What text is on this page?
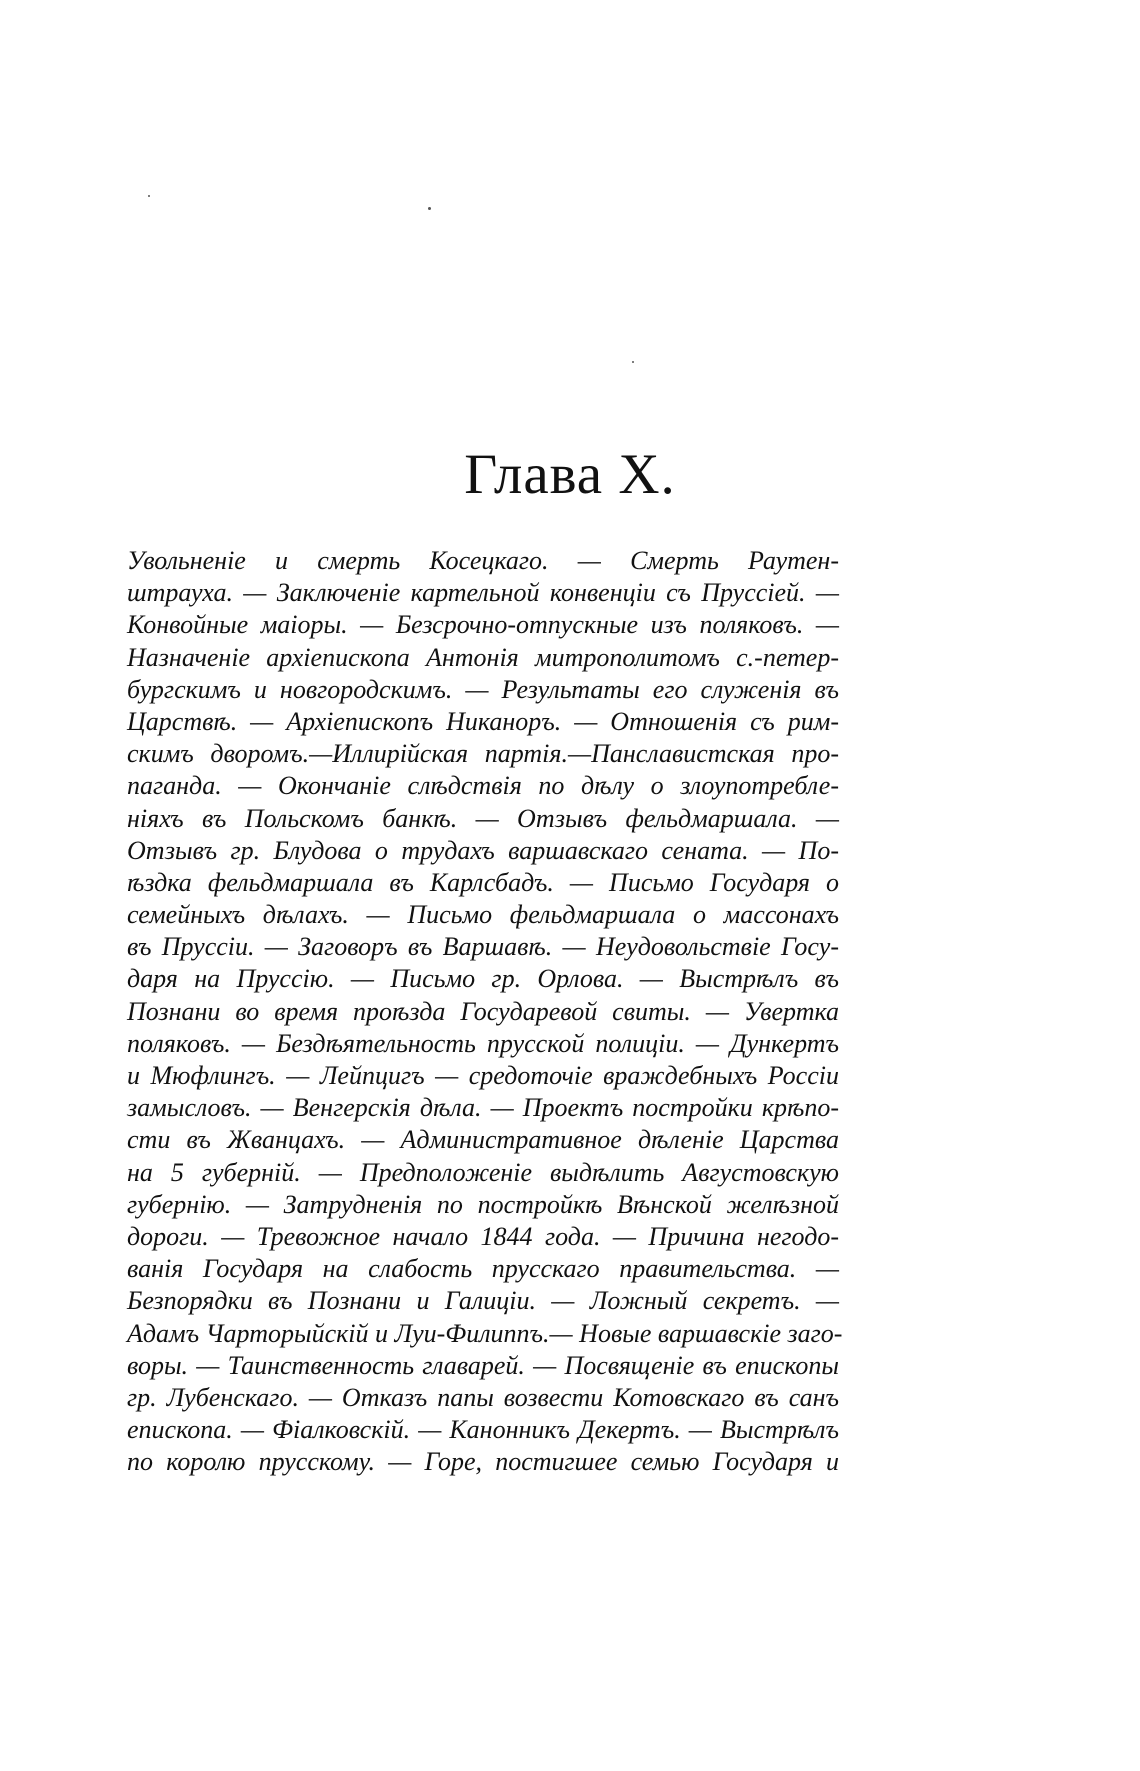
Глава X.
Увольненіе и смерть Косецкаго. — Смерть Раутен-
штрауха. — Заключеніе картельной конвенціи съ Пруссіей. —
Конвойные маіоры. — Безсрочно-отпускные изъ поляковъ. —
Назначеніе архіепископа Антонія митрополитомъ с.-петер-
бургскимъ и новгородскимъ. — Результаты его служенія въ
Царствѣ. — Архіепископъ Никаноръ. — Отношенія съ рим-
скимъ дворомъ.—Иллирійская партія.—Панславистская про-
паганда. — Окончаніе слѣдствія по дѣлу о злоупотребле-
ніяхъ въ Польскомъ банкѣ. — Отзывъ фельдмаршала. —
Отзывъ гр. Блудова о трудахъ варшавскаго сената. — По-
ѣздка фельдмаршала въ Карлсбадъ. — Письмо Государя о
семейныхъ дѣлахъ. — Письмо фельдмаршала о массонахъ
въ Пруссіи. — Заговоръ въ Варшавѣ. — Неудовольствіе Госу-
даря на Пруссію. — Письмо гр. Орлова. — Выстрѣлъ въ
Познани во время проѣзда Государевой свиты. — Увертка
поляковъ. — Бездѣятельность прусской полиціи. — Дункертъ
и Мюфлингъ. — Лейпцигъ — средоточіе враждебныхъ Россіи
замысловъ. — Венгерскія дѣла. — Проектъ постройки крѣпо-
сти въ Жванцахъ. — Административное дѣленіе Царства
на 5 губерній. — Предположеніе выдѣлить Августовскую
губернію. — Затрудненія по постройкѣ Вѣнской желѣзной
дороги. — Тревожное начало 1844 года. — Причина негодо-
ванія Государя на слабость прусскаго правительства. —
Безпорядки въ Познани и Галиціи. — Ложный секретъ. —
Адамъ Чарторыйскій и Луи-Филиппъ.— Новые варшавскіе заго-
воры. — Таинственность главарей. — Посвященіе въ епископы
гр. Лубенскаго. — Отказъ папы возвести Котовскаго въ санъ
епископа. — Фіалковскій. — Канонникъ Декертъ. — Выстрѣлъ
по королю прусскому. — Горе, постигшее семью Государя и
